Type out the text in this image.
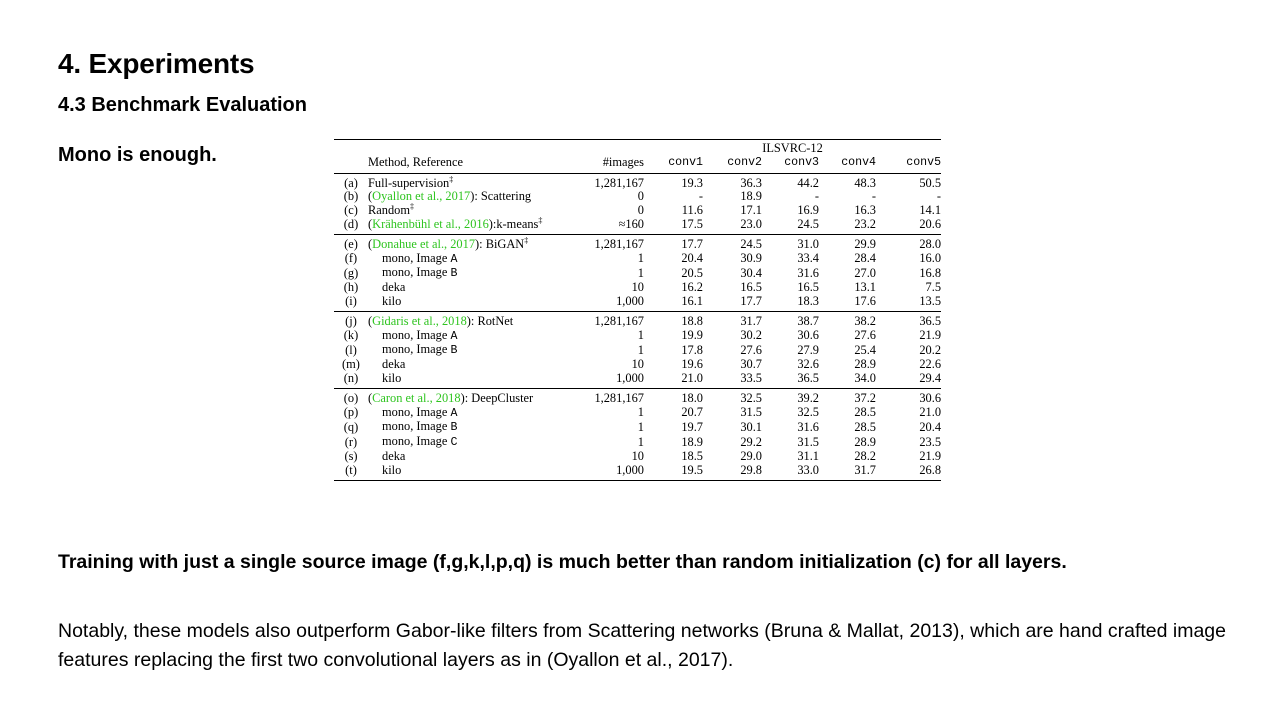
4. Experiments
4.3 Benchmark Evaluation
Mono is enough.
				ILSVRC-12				
	Method, Reference	#images	conv1	conv2	conv3	conv4	conv5
(a)	Full-supervision‡	1,281,167	19.3	36.3	44.2	48.3	50.5
(b)	(Oyallon et al., 2017): Scattering	0	-	18.9	-	-	-
(c)	Random‡	0	11.6	17.1	16.9	16.3	14.1
(d)	(Krähenbühl et al., 2016):k-means‡	≈160	17.5	23.0	24.5	23.2	20.6
(e)	(Donahue et al., 2017): BiGAN‡	1,281,167	17.7	24.5	31.0	29.9	28.0
(f)	mono, Image A	1	20.4	30.9	33.4	28.4	16.0
(g)	mono, Image B	1	20.5	30.4	31.6	27.0	16.8
(h)	deka	10	16.2	16.5	16.5	13.1	7.5
(i)	kilo	1,000	16.1	17.7	18.3	17.6	13.5
(j)	(Gidaris et al., 2018): RotNet	1,281,167	18.8	31.7	38.7	38.2	36.5
(k)	mono, Image A	1	19.9	30.2	30.6	27.6	21.9
(l)	mono, Image B	1	17.8	27.6	27.9	25.4	20.2
(m)	deka	10	19.6	30.7	32.6	28.9	22.6
(n)	kilo	1,000	21.0	33.5	36.5	34.0	29.4
(o)	(Caron et al., 2018): DeepCluster	1,281,167	18.0	32.5	39.2	37.2	30.6
(p)	mono, Image A	1	20.7	31.5	32.5	28.5	21.0
(q)	mono, Image B	1	19.7	30.1	31.6	28.5	20.4
(r)	mono, Image C	1	18.9	29.2	31.5	28.9	23.5
(s)	deka	10	18.5	29.0	31.1	28.2	21.9
(t)	kilo	1,000	19.5	29.8	33.0	31.7	26.8
Training with just a single source image (f,g,k,l,p,q) is much better than random initialization (c) for all layers.
Notably, these models also outperform Gabor-like filters from Scattering networks (Bruna & Mallat, 2013), which are hand crafted image features replacing the first two convolutional layers as in (Oyallon et al., 2017).
